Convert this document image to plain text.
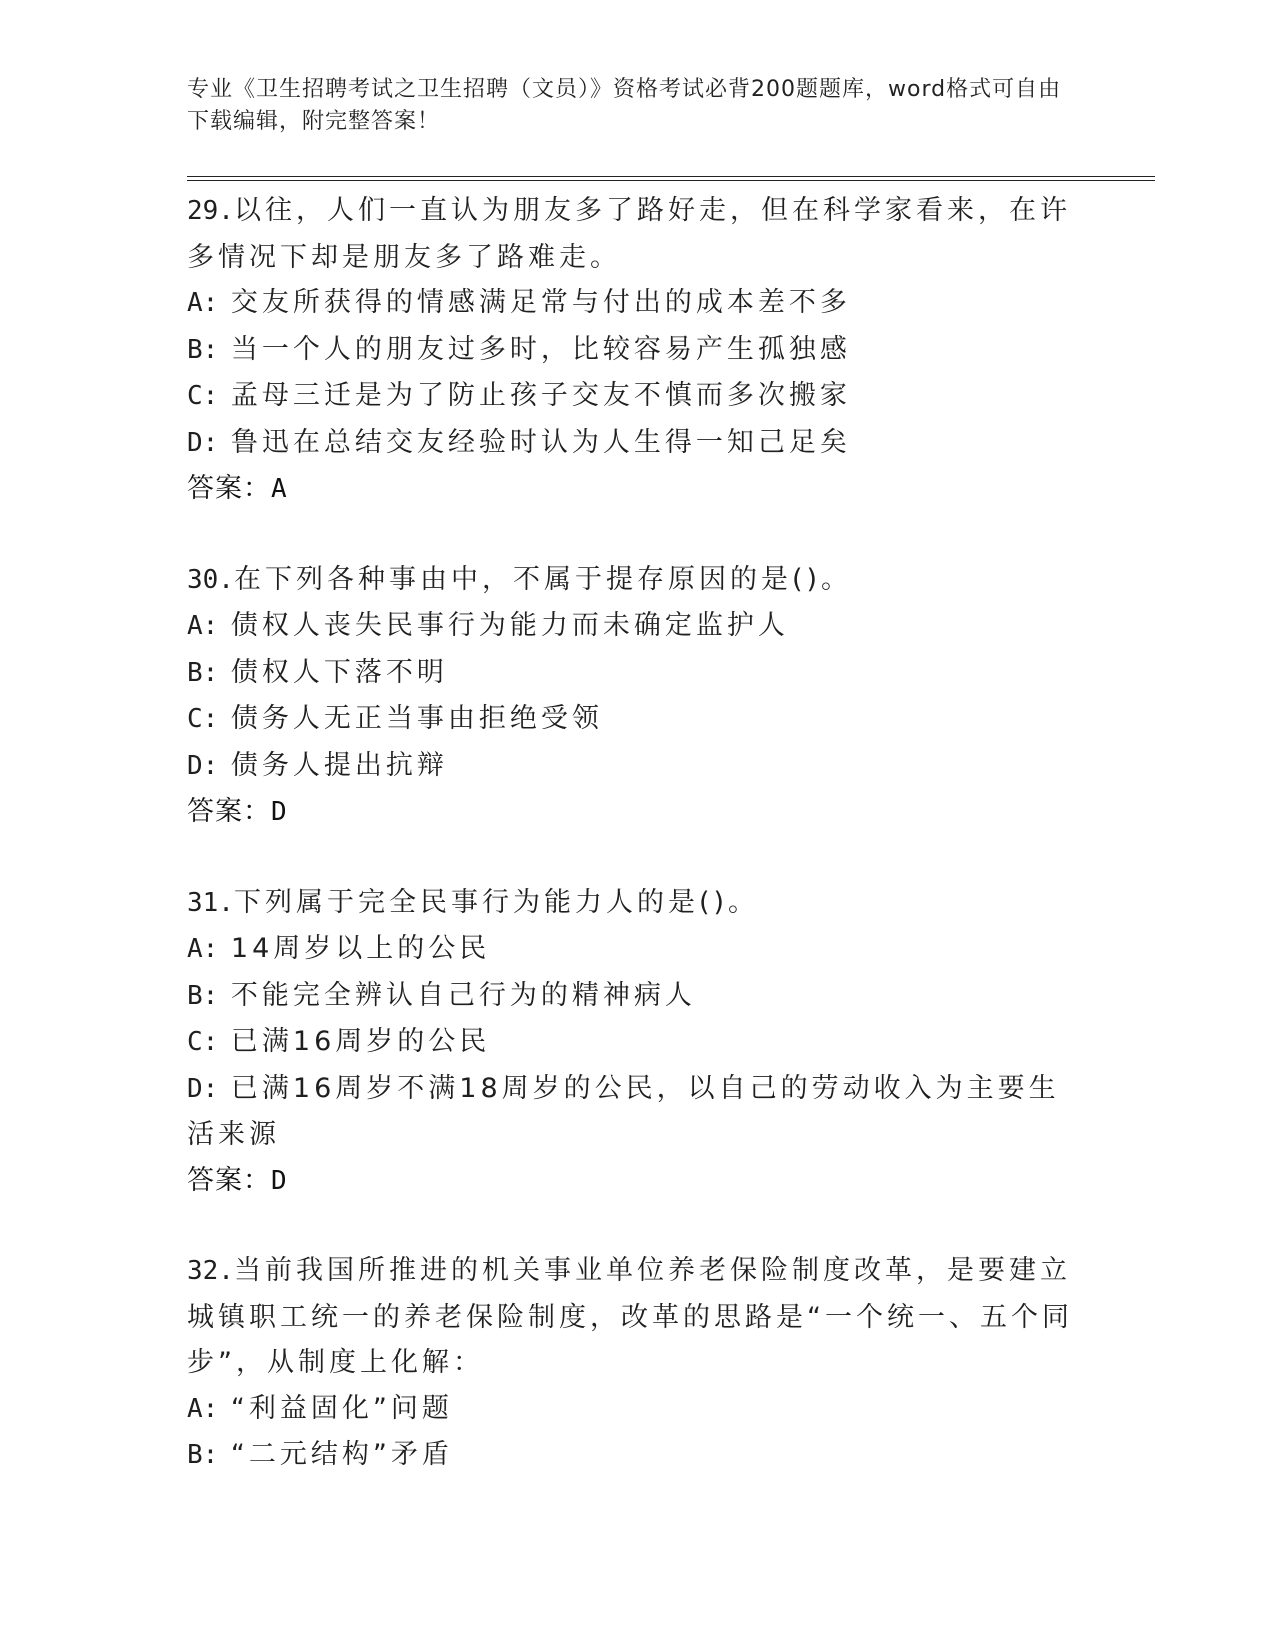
专业《卫生招聘考试之卫生招聘（文员）》资格考试必背200题题库，word格式可自由下载编辑，附完整答案！
29.以往，人们一直认为朋友多了路好走，但在科学家看来，在许多情况下却是朋友多了路难走。
A: 交友所获得的情感满足常与付出的成本差不多
B: 当一个人的朋友过多时，比较容易产生孤独感
C: 孟母三迁是为了防止孩子交友不慎而多次搬家
D: 鲁迅在总结交友经验时认为人生得一知己足矣
答案：A
30.在下列各种事由中，不属于提存原因的是()。
A: 债权人丧失民事行为能力而未确定监护人
B: 债权人下落不明
C: 债务人无正当事由拒绝受领
D: 债务人提出抗辩
答案：D
31.下列属于完全民事行为能力人的是()。
A: 14周岁以上的公民
B: 不能完全辨认自己行为的精神病人
C: 已满16周岁的公民
D: 已满16周岁不满18周岁的公民，以自己的劳动收入为主要生活来源
答案：D
32.当前我国所推进的机关事业单位养老保险制度改革，是要建立城镇职工统一的养老保险制度，改革的思路是“一个统一、五个同步”，从制度上化解：
A: “利益固化”问题
B: “二元结构”矛盾
